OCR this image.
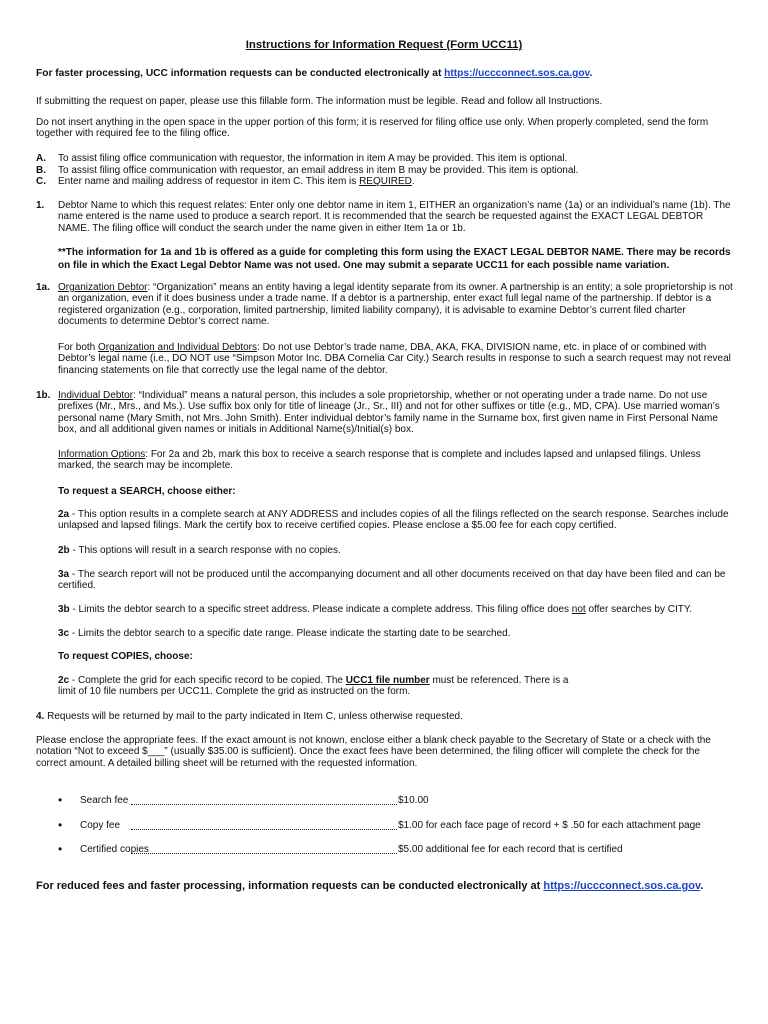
Instructions for Information Request (Form UCC11)
For faster processing, UCC information requests can be conducted electronically at https://uccconnect.sos.ca.gov.
If submitting the request on paper, please use this fillable form. The information must be legible. Read and follow all Instructions.
Do not insert anything in the open space in the upper portion of this form; it is reserved for filing office use only. When properly completed, send the form together with required fee to the filing office.
A. To assist filing office communication with requestor, the information in item A may be provided. This item is optional.
B. To assist filing office communication with requestor, an email address in item B may be provided. This item is optional.
C. Enter name and mailing address of requestor in item C. This item is REQUIRED.
1. Debtor Name to which this request relates: Enter only one debtor name in item 1, EITHER an organization’s name (1a) or an individual’s name (1b). The name entered is the name used to produce a search report. It is recommended that the search be requested against the EXACT LEGAL DEBTOR NAME. The filing office will conduct the search under the name given in either Item 1a or 1b.
**The information for 1a and 1b is offered as a guide for completing this form using the EXACT LEGAL DEBTOR NAME. There may be records on file in which the Exact Legal Debtor Name was not used. One may submit a separate UCC11 for each possible name variation.
1a. Organization Debtor: “Organization” means an entity having a legal identity separate from its owner. A partnership is an entity; a sole proprietorship is not an organization, even if it does business under a trade name. If a debtor is a partnership, enter exact full legal name of the partnership. If debtor is a registered organization (e.g., corporation, limited partnership, limited liability company), it is advisable to examine Debtor’s current filed charter documents to determine Debtor’s correct name.
For both Organization and Individual Debtors: Do not use Debtor’s trade name, DBA, AKA, FKA, DIVISION name, etc. in place of or combined with Debtor’s legal name (i.e., DO NOT use “Simpson Motor Inc. DBA Cornelia Car City.) Search results in response to such a search request may not reveal financing statements on file that correctly use the legal name of the debtor.
1b. Individual Debtor: “Individual” means a natural person, this includes a sole proprietorship, whether or not operating under a trade name. Do not use prefixes (Mr., Mrs., and Ms.). Use suffix box only for title of lineage (Jr., Sr., III) and not for other suffixes or title (e.g., MD, CPA). Use married woman’s personal name (Mary Smith, not Mrs. John Smith). Enter individual debtor’s family name in the Surname box, first given name in First Personal Name box, and all additional given names or initials in Additional Name(s)/Initial(s) box.
Information Options: For 2a and 2b, mark this box to receive a search response that is complete and includes lapsed and unlapsed filings. Unless marked, the search may be incomplete.
To request a SEARCH, choose either:
2a - This option results in a complete search at ANY ADDRESS and includes copies of all the filings reflected on the search response. Searches include unlapsed and lapsed filings. Mark the certify box to receive certified copies. Please enclose a $5.00 fee for each copy certified.
2b - This options will result in a search response with no copies.
3a - The search report will not be produced until the accompanying document and all other documents received on that day have been filed and can be certified.
3b - Limits the debtor search to a specific street address. Please indicate a complete address. This filing office does not offer searches by CITY.
3c - Limits the debtor search to a specific date range. Please indicate the starting date to be searched.
To request COPIES, choose:
2c - Complete the grid for each specific record to be copied. The UCC1 file number must be referenced. There is a limit of 10 file numbers per UCC11. Complete the grid as instructed on the form.
4. Requests will be returned by mail to the party indicated in Item C, unless otherwise requested.
Please enclose the appropriate fees. If the exact amount is not known, enclose either a blank check payable to the Secretary of State or a check with the notation “Not to exceed $___” (usually $35.00 is sufficient). Once the exact fees have been determined, the filing officer will complete the check for the correct amount. A detailed billing sheet will be returned with the requested information.
• Search fee	$10.00
• Copy fee	$1.00 for each face page of record + $ .50 for each attachment page
• Certified copies	$5.00 additional fee for each record that is certified
For reduced fees and faster processing, information requests can be conducted electronically at https://uccconnect.sos.ca.gov.
